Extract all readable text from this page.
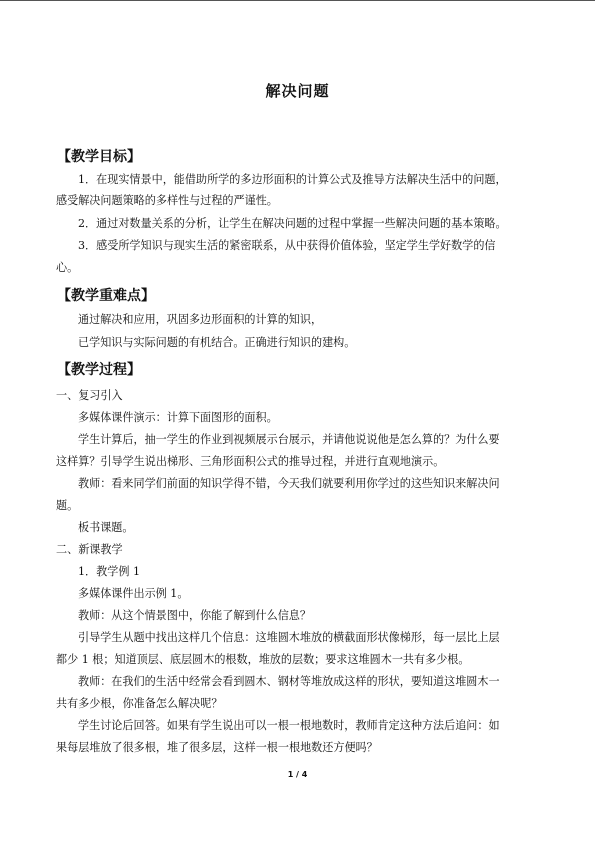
解决问题
【教学目标】
1．在现实情景中，能借助所学的多边形面积的计算公式及推导方法解决生活中的问题，
感受解决问题策略的多样性与过程的严谨性。
2．通过对数量关系的分析，让学生在解决问题的过程中掌握一些解决问题的基本策略。
3．感受所学知识与现实生活的紧密联系，从中获得价值体验，坚定学生学好数学的信
心。
【教学重难点】
通过解决和应用，巩固多边形面积的计算的知识，
已学知识与实际问题的有机结合。正确进行知识的建构。
【教学过程】
一、复习引入
多媒体课件演示：计算下面图形的面积。
学生计算后，抽一学生的作业到视频展示台展示，并请他说说他是怎么算的？为什么要
这样算？引导学生说出梯形、三角形面积公式的推导过程，并进行直观地演示。
教师：看来同学们前面的知识学得不错，今天我们就要利用你学过的这些知识来解决问
题。
板书课题。
二、新课教学
1．教学例 1
多媒体课件出示例 1。
教师：从这个情景图中，你能了解到什么信息？
引导学生从题中找出这样几个信息：这堆圆木堆放的横截面形状像梯形，每一层比上层
都少 1 根；知道顶层、底层圆木的根数，堆放的层数；要求这堆圆木一共有多少根。
教师：在我们的生活中经常会看到圆木、钢材等堆放成这样的形状，要知道这堆圆木一
共有多少根，你准备怎么解决呢？
学生讨论后回答。如果有学生说出可以一根一根地数时，教师肯定这种方法后追问：如
果每层堆放了很多根，堆了很多层，这样一根一根地数还方便吗？
1 / 4
